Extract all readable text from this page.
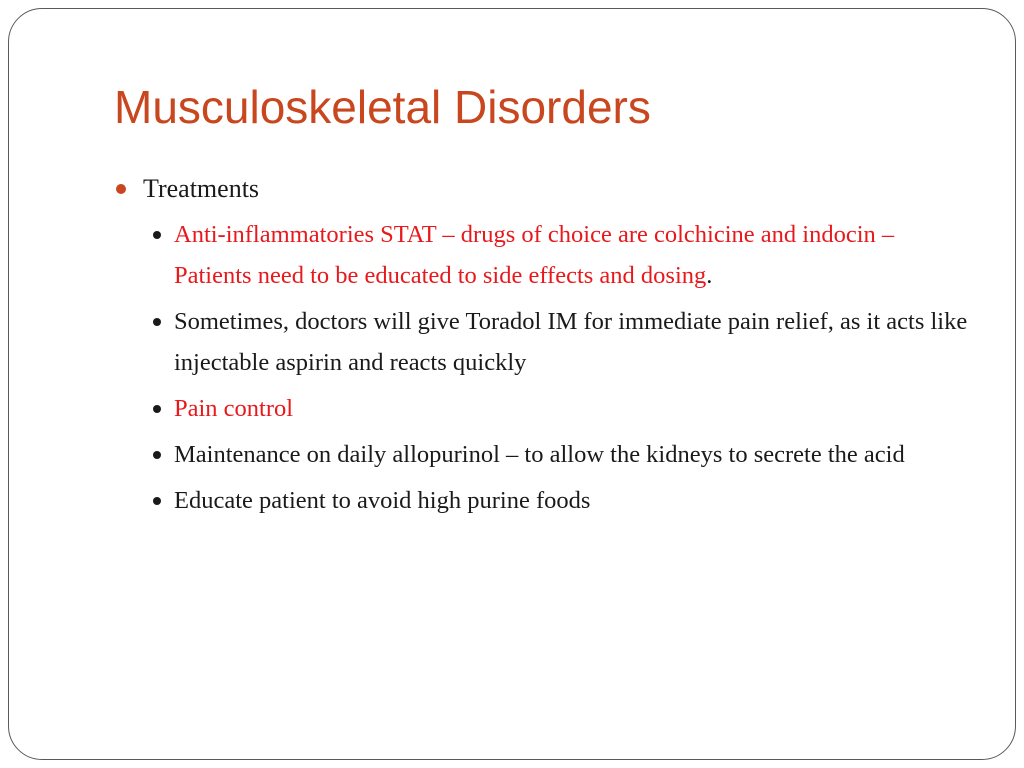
Musculoskeletal Disorders
Treatments
Anti-inflammatories STAT – drugs of choice are colchicine and indocin – Patients need to be educated to side effects and dosing.
Sometimes, doctors will give Toradol IM for immediate pain relief, as it acts like injectable aspirin and reacts quickly
Pain control
Maintenance on daily allopurinol – to allow the kidneys to secrete the acid
Educate patient to avoid high purine foods
